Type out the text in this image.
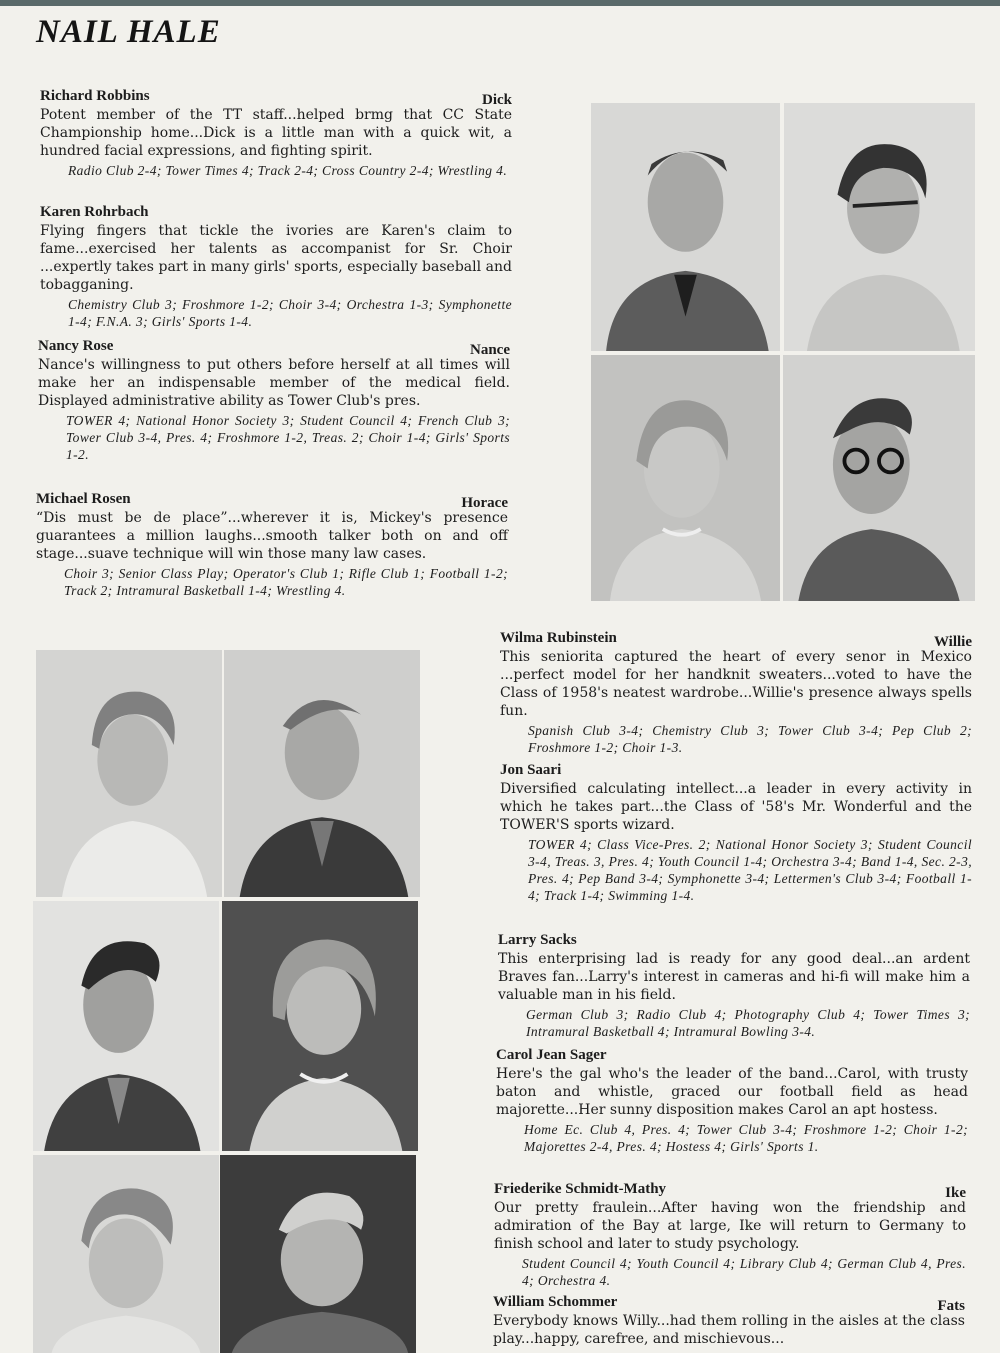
NAIL HALE
Richard Robbins	Dick

Potent member of the TT staff...helped brmg that CC State Championship home...Dick is a little man with a quick wit, a hundred facial expressions, and fighting spirit.

Radio Club 2-4; Tower Times 4; Track 2-4; Cross Country 2-4; Wrestling 4.

Karen Rohrbach

Flying fingers that tickle the ivories are Karen's claim to fame...exercised her talents as accompanist for Sr. Choir ...expertly takes part in many girls' sports, especially baseball and tobagganing.

Chemistry Club 3; Froshmore 1-2; Choir 3-4; Orchestra 1-3; Symphonette 1-4; F.N.A. 3; Girls' Sports 1-4.

Nancy Rose	Nance

Nance's willingness to put others before herself at all times will make her an indispensable member of the medical field. Displayed administrative ability as Tower Club's pres.

TOWER 4; National Honor Society 3; Student Council 4; French Club 3; Tower Club 3-4, Pres. 4; Froshmore 1-2, Treas. 2; Choir 1-4; Girls' Sports 1-2.

Michael Rosen	Horace

“Dis must be de place”...wherever it is, Mickey's presence guarantees a million laughs...smooth talker both on and off stage...suave technique will win those many law cases.

Choir 3; Senior Class Play; Operator's Club 1; Rifle Club 1; Football 1-2; Track 2; Intramural Basketball 1-4; Wrestling 4.

Wilma Rubinstein	Willie

This seniorita captured the heart of every senor in Mexico ...perfect model for her handknit sweaters...voted to have the Class of 1958's neatest wardrobe...Willie's presence always spells fun.

Spanish Club 3-4; Chemistry Club 3; Tower Club 3-4; Pep Club 2; Froshmore 1-2; Choir 1-3.

Jon Saari

Diversified calculating intellect...a leader in every activity in which he takes part...the Class of '58's Mr. Wonderful and the TOWER'S sports wizard.

TOWER 4; Class Vice-Pres. 2; National Honor Society 3; Student Council 3-4, Treas. 3, Pres. 4; Youth Council 1-4; Orchestra 3-4; Band 1-4, Sec. 2-3, Pres. 4; Pep Band 3-4; Symphonette 3-4; Lettermen's Club 3-4; Football 1-4; Track 1-4; Swimming 1-4.

Larry Sacks

This enterprising lad is ready for any good deal...an ardent Braves fan...Larry's interest in cameras and hi-fi will make him a valuable man in his field.

German Club 3; Radio Club 4; Photography Club 4; Tower Times 3; Intramural Basketball 4; Intramural Bowling 3-4.

Carol Jean Sager

Here's the gal who's the leader of the band...Carol, with trusty baton and whistle, graced our football field as head majorette...Her sunny disposition makes Carol an apt hostess.

Home Ec. Club 4, Pres. 4; Tower Club 3-4; Froshmore 1-2; Choir 1-2; Majorettes 2-4, Pres. 4; Hostess 4; Girls' Sports 1.

Friederike Schmidt-Mathy	Ike

Our pretty fraulein...After having won the friendship and admiration of the Bay at large, Ike will return to Germany to finish school and later to study psychology.

Student Council 4; Youth Council 4; Library Club 4; German Club 4, Pres. 4; Orchestra 4.

William Schommer	Fats

Everybody knows Willy...had them rolling in the aisles at the class play...happy, carefree, and mischievous...
